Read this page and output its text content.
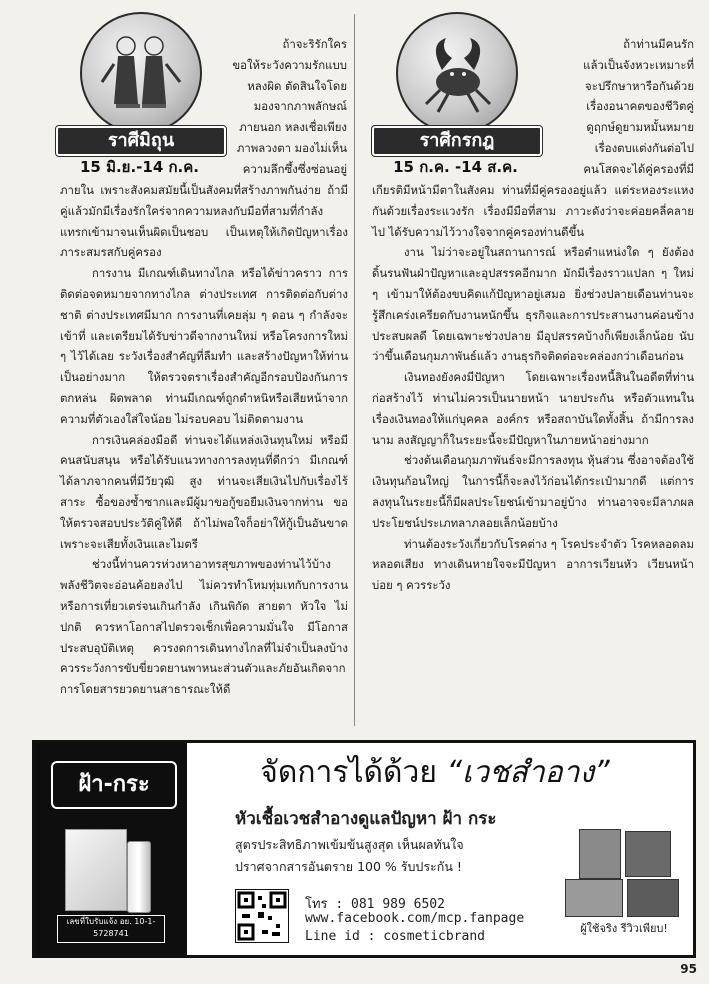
ราศีมิถุน
15 มิ.ย.-14 ก.ค.
ราศีกรกฎ
15 ก.ค. -14 ส.ค.

ถ้าจะริรักใคร

ขอให้ระวังความรักแบบ

หลงผิด ตัดสินใจโดย

มองจากภาพลักษณ์

ภายนอก หลงเชื่อเพียง

ภาพลวงตา มองไม่เห็น

ความลึกซึ้งซึ่งซ่อนอยู่

ภายใน เพราะสังคมสมัยนี้เป็นสังคมที่สร้างภาพกันง่าย ถ้ามีคู่แล้วมักมีเรื่องรักใคร่จากความหลงกับมือที่สามที่กำลังแทรกเข้ามาจนเห็นผิดเป็นชอบ เป็นเหตุให้เกิดปัญหาเรื่องภาระสมรสกับคู่ครอง

การงาน มีเกณฑ์เดินทางไกล หรือได้ข่าวคราว การติดต่อจดหมายจากทางไกล ต่างประเทศ การติดต่อกับต่างชาติ ต่างประเทศมีมาก การงานที่เคยลุ่ม ๆ ดอน ๆ กำลังจะเข้าที่ และเตรียมได้รับข่าวดีจากงานใหม่ หรือโครงการใหม่ ๆ ไว้ได้เลย ระวังเรื่องสำคัญที่ลืมทำ และสร้างปัญหาให้ท่านเป็นอย่างมาก ให้ตรวจตราเรื่องสำคัญอีกรอบป้องกันการตกหล่น ผิดพลาด ท่านมีเกณฑ์ถูกตำหนิหรือเสียหน้าจากความที่ตัวเองใส่ใจน้อย ไม่รอบคอบ ไม่ติดตามงาน

การเงินคล่องมือดี ท่านจะได้แหล่งเงินทุนใหม่ หรือมีคนสนับสนุน หรือได้รับแนวทางการลงทุนที่ดีกว่า มีเกณฑ์ได้ลาภจากคนที่มีวัยวุฒิ สูง ท่านจะเสียเงินไปกับเรื่องไร้สาระ ซื้อของซ้ำซากและมีผู้มาขอกู้ขอยืมเงินจากท่าน ขอให้ตรวจสอบประวัติคู่ให้ดี ถ้าไม่พอใจก็อย่าให้กู้เป็นอันขาด เพราะจะเสียทั้งเงินและไมตรี

ช่วงนี้ท่านควรห่วงหาอาทรสุขภาพของท่านไว้บ้าง พลังชีวิตจะอ่อนค้อยลงไป ไม่ควรทำโหมทุ่มเทกับการงาน หรือการเที่ยวเตร่จนเกินกำลัง เกินพิกัด สายตา หัวใจ ไม่ปกติ ควรหาโอกาสไปตรวจเช็กเพื่อความมั่นใจ มีโอกาสประสบอุบัติเหตุ ควรงดการเดินทางไกลที่ไม่จำเป็นลงบ้าง ควรระวังการขับขี่ยวดยานพาหนะส่วนตัวและภัยอันเกิดจากการโดยสารยวดยานสาธารณะให้ดี

ถ้าท่านมีคนรัก

แล้วเป็นจังหวะเหมาะที่

จะปรึกษาหารือกันด้วย

เรื่องอนาคตของชีวิตคู่

ดูฤกษ์ดูยามหมั้นหมาย

เรื่องตบแต่งกันต่อไป

คนโสดจะได้คู่ครองที่มี

เกียรติมีหน้ามีตาในสังคม ท่านที่มีคู่ครองอยู่แล้ว แต่ระหองระแหงกันด้วยเรื่องระแวงรัก เรื่องมีมือที่สาม ภาวะดังว่าจะค่อยคลี่คลายไป ได้รับความไว้วางใจจากคู่ครองท่านดีขึ้น

งาน ไม่ว่าจะอยู่ในสถานการณ์ หรือตำแหน่งใด ๆ ยังต้องดิ้นรนฟันฝ่าปัญหาและอุปสรรคอีกมาก มักมีเรื่องราวแปลก ๆ ใหม่ ๆ เข้ามาให้ต้องขบคิดแก้ปัญหาอยู่เสมอ ยิ่งช่วงปลายเดือนท่านจะรู้สึกเคร่งเครียดกับงานหนักขึ้น ธุรกิจและการประสานงานค่อนข้างประสบผลดี โดยเฉพาะช่วงปลาย มีอุปสรรคบ้างก็เพียงเล็กน้อย นับว่าขึ้นเดือนกุมภาพันธ์แล้ว งานธุรกิจติดต่อจะคล่องกว่าเดือนก่อน

เงินทองยังคงมีปัญหา โดยเฉพาะเรื่องหนี้สินในอดีตที่ท่านก่อสร้างไว้ ท่านไม่ควรเป็นนายหน้า นายประกัน หรือตัวแทนในเรื่องเงินทองให้แก่บุคคล องค์กร หรือสถาบันใดทั้งสิ้น ถ้ามีการลงนาม ลงสัญญาก็ในระยะนี้จะมีปัญหาในภายหน้าอย่างมาก

ช่วงต้นเดือนกุมภาพันธ์จะมีการลงทุน หุ้นส่วน ซึ่งอาจต้องใช้เงินทุนก้อนใหญ่ ในการนี้ก็จะลงไว้ก่อนได้กระเป๋ามากดี แต่การลงทุนในระยะนี้ก็มีผลประโยชน์เข้ามาอยู่บ้าง ท่านอาจจะมีลาภผลประโยชน์ประเภทลาภลอยเล็กน้อยบ้าง

ท่านต้องระวังเกี่ยวกับโรคต่าง ๆ โรคประจำตัว โรคหลอดลม หลอดเสียง ทางเดินหายใจจะมีปัญหา อาการเวียนหัว เวียนหน้าบ่อย ๆ ควรระวัง

ฝ้า-กระ
เลขที่ใบรับแจ้ง อย. 10-1-5728741
จัดการได้ด้วย “เวชสำอาง”
หัวเชื้อเวชสำอางดูแลปัญหา ฝ้า กระ
สูตรประสิทธิภาพเข้มข้นสูงสุด เห็นผลทันใจ
ปราศจากสารอันตราย 100 % รับประกัน !
โทร : 081 989 6502
www.facebook.com/mcp.fanpage
Line id : cosmeticbrand
ผู้ใช้จริง รีวิวเพียบ!
95
